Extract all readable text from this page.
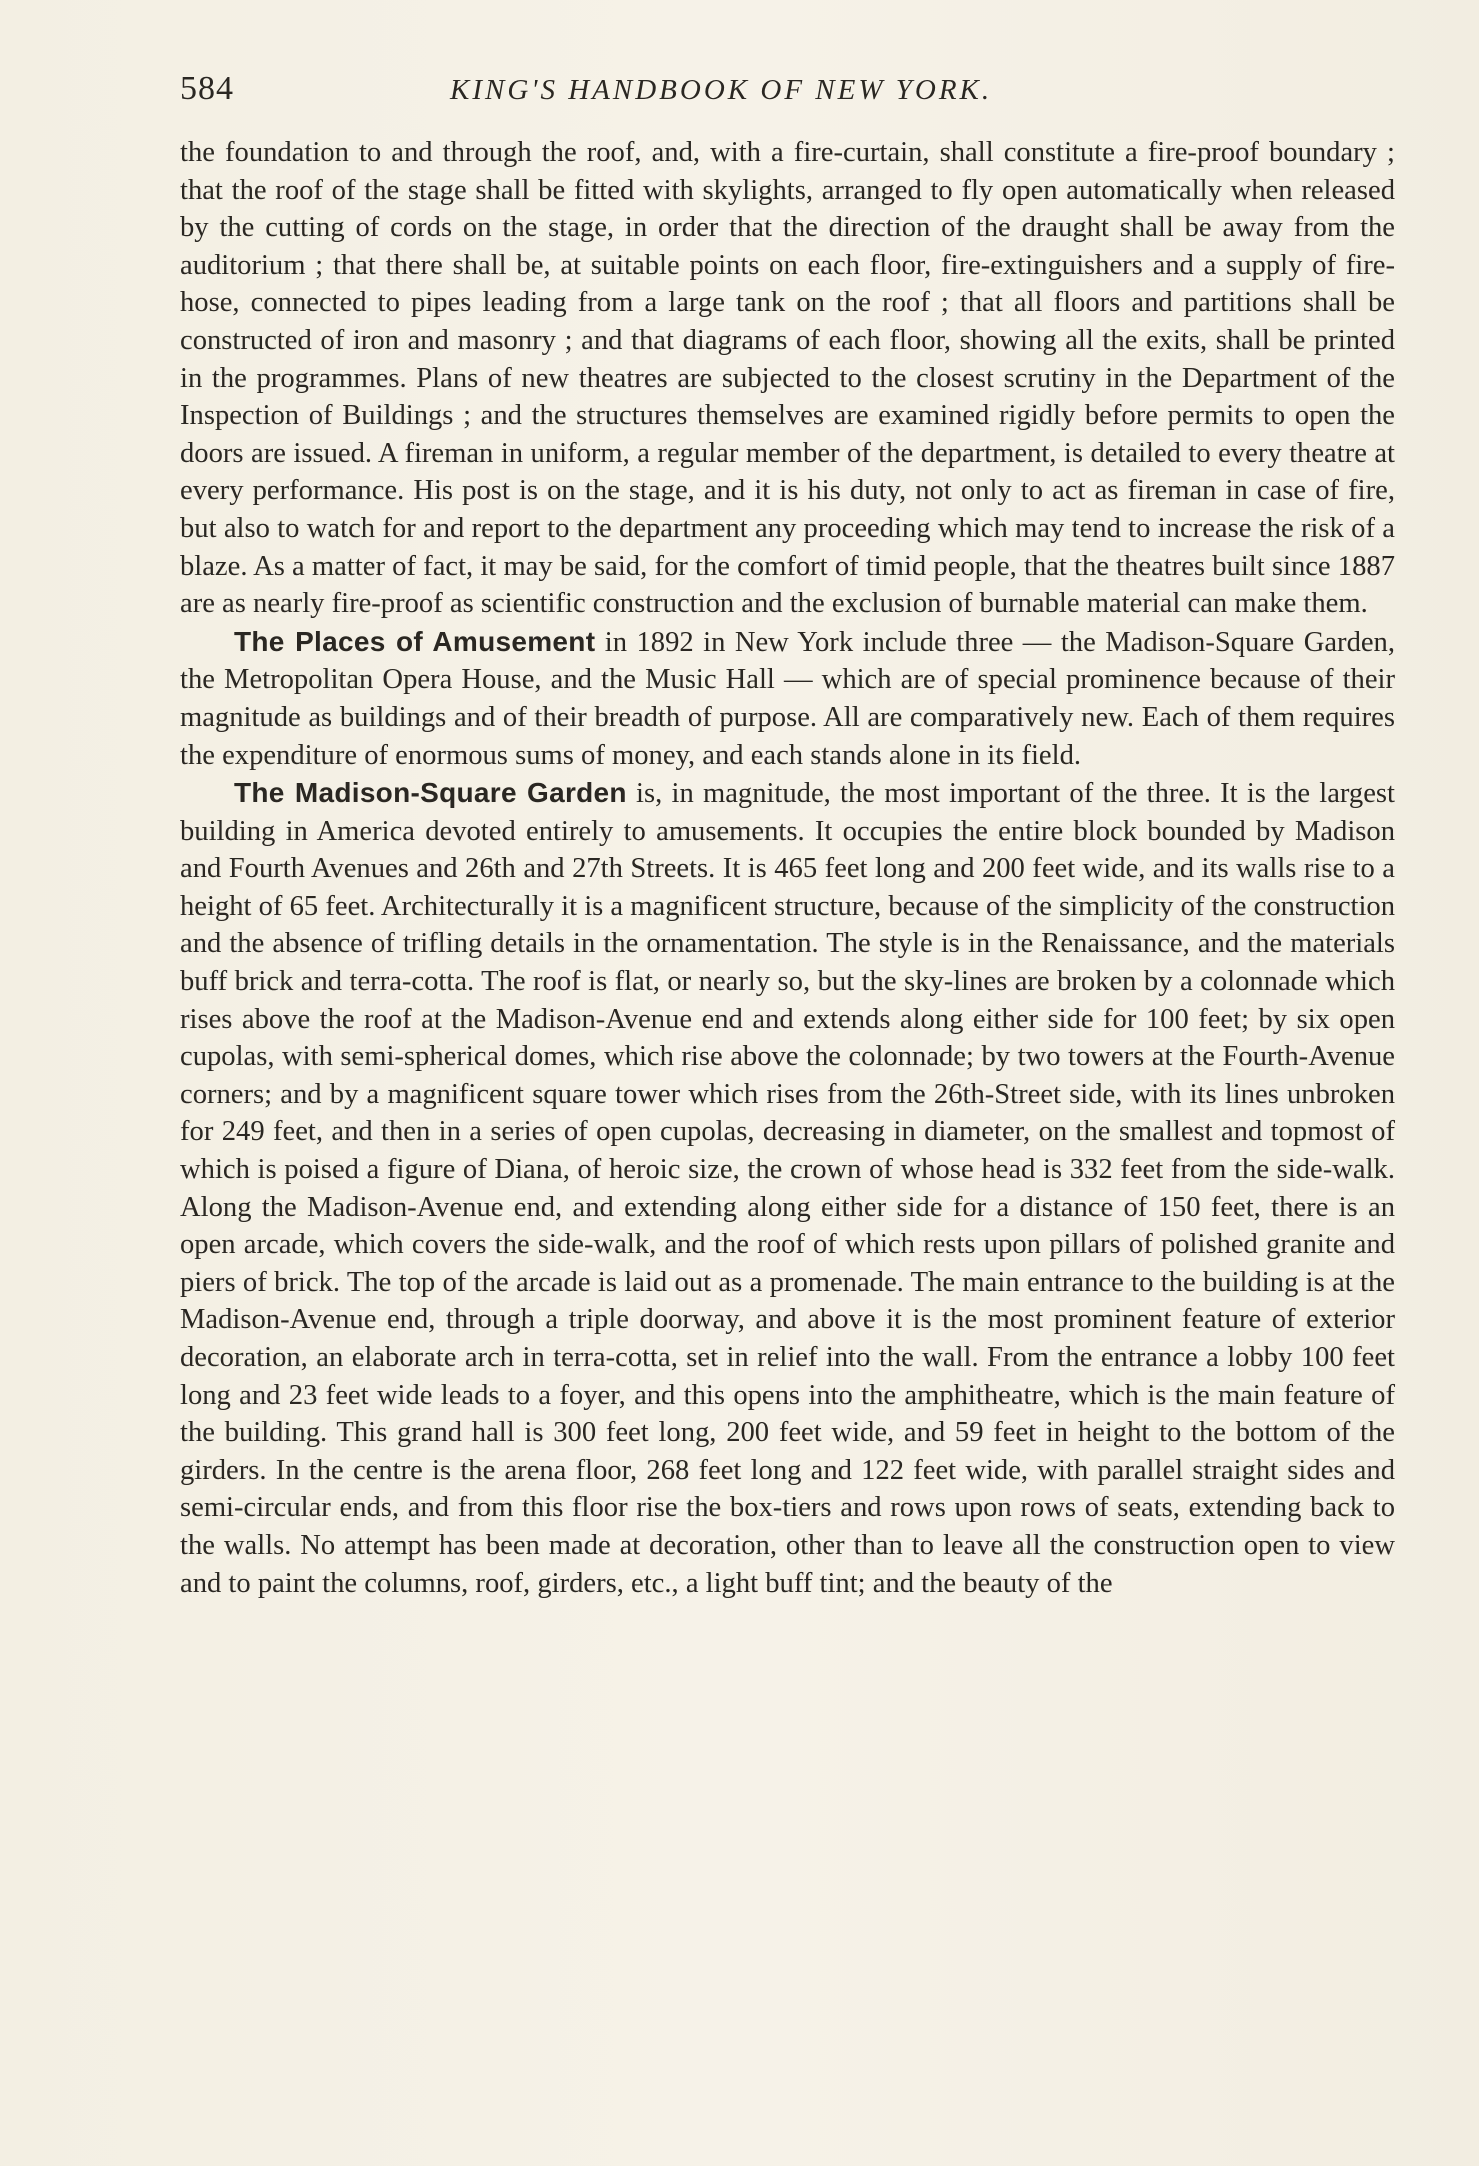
584	KING'S HANDBOOK OF NEW YORK.

the foundation to and through the roof, and, with a fire-curtain, shall constitute a fire-proof boundary ; that the roof of the stage shall be fitted with skylights, arranged to fly open automatically when released by the cutting of cords on the stage, in order that the direction of the draught shall be away from the auditorium ; that there shall be, at suitable points on each floor, fire-extinguishers and a supply of fire-hose, connected to pipes leading from a large tank on the roof ; that all floors and partitions shall be constructed of iron and masonry ; and that diagrams of each floor, showing all the exits, shall be printed in the programmes. Plans of new theatres are subjected to the closest scrutiny in the Department of the Inspection of Buildings ; and the structures themselves are examined rigidly before permits to open the doors are issued. A fireman in uniform, a regular member of the department, is detailed to every theatre at every performance. His post is on the stage, and it is his duty, not only to act as fireman in case of fire, but also to watch for and report to the department any proceeding which may tend to increase the risk of a blaze. As a matter of fact, it may be said, for the comfort of timid people, that the theatres built since 1887 are as nearly fire-proof as scientific construction and the exclusion of burnable material can make them.

The Places of Amusement in 1892 in New York include three — the Madison-Square Garden, the Metropolitan Opera House, and the Music Hall — which are of special prominence because of their magnitude as buildings and of their breadth of purpose. All are comparatively new. Each of them requires the expenditure of enormous sums of money, and each stands alone in its field.

The Madison-Square Garden is, in magnitude, the most important of the three. It is the largest building in America devoted entirely to amusements. It occupies the entire block bounded by Madison and Fourth Avenues and 26th and 27th Streets. It is 465 feet long and 200 feet wide, and its walls rise to a height of 65 feet. Architecturally it is a magnificent structure, because of the simplicity of the construction and the absence of trifling details in the ornamentation. The style is in the Renaissance, and the materials buff brick and terra-cotta. The roof is flat, or nearly so, but the sky-lines are broken by a colonnade which rises above the roof at the Madison-Avenue end and extends along either side for 100 feet; by six open cupolas, with semi-spherical domes, which rise above the colonnade; by two towers at the Fourth-Avenue corners; and by a magnificent square tower which rises from the 26th-Street side, with its lines unbroken for 249 feet, and then in a series of open cupolas, decreasing in diameter, on the smallest and topmost of which is poised a figure of Diana, of heroic size, the crown of whose head is 332 feet from the side-walk. Along the Madison-Avenue end, and extending along either side for a distance of 150 feet, there is an open arcade, which covers the side-walk, and the roof of which rests upon pillars of polished granite and piers of brick. The top of the arcade is laid out as a promenade. The main entrance to the building is at the Madison-Avenue end, through a triple doorway, and above it is the most prominent feature of exterior decoration, an elaborate arch in terra-cotta, set in relief into the wall. From the entrance a lobby 100 feet long and 23 feet wide leads to a foyer, and this opens into the amphitheatre, which is the main feature of the building. This grand hall is 300 feet long, 200 feet wide, and 59 feet in height to the bottom of the girders. In the centre is the arena floor, 268 feet long and 122 feet wide, with parallel straight sides and semi-circular ends, and from this floor rise the box-tiers and rows upon rows of seats, extending back to the walls. No attempt has been made at decoration, other than to leave all the construction open to view and to paint the columns, roof, girders, etc., a light buff tint; and the beauty of the
